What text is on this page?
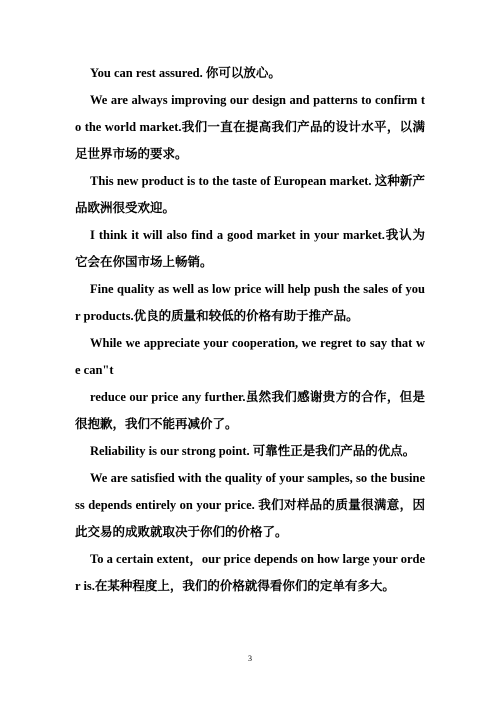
You can rest assured. 你可以放心。

We are always improving our design and patterns to confirm to the world market.我们一直在提高我们产品的设计水平，以满足世界市场的要求。

This new product is to the taste of European market. 这种新产品欧洲很受欢迎。

I think it will also find a good market in your market.我认为它会在你国市场上畅销。

Fine quality as well as low price will help push the sales of your products.优良的质量和较低的价格有助于推产品。

While we appreciate your cooperation, we regret to say that we can"t

reduce our price any further.虽然我们感谢贵方的合作，但是很抱歉，我们不能再减价了。

Reliability is our strong point. 可靠性正是我们产品的优点。

We are satisfied with the quality of your samples, so the business depends entirely on your price. 我们对样品的质量很满意，因此交易的成败就取决于你们的价格了。

To a certain extent，our price depends on how large your order is.在某种程度上，我们的价格就得看你们的定单有多大。

3
